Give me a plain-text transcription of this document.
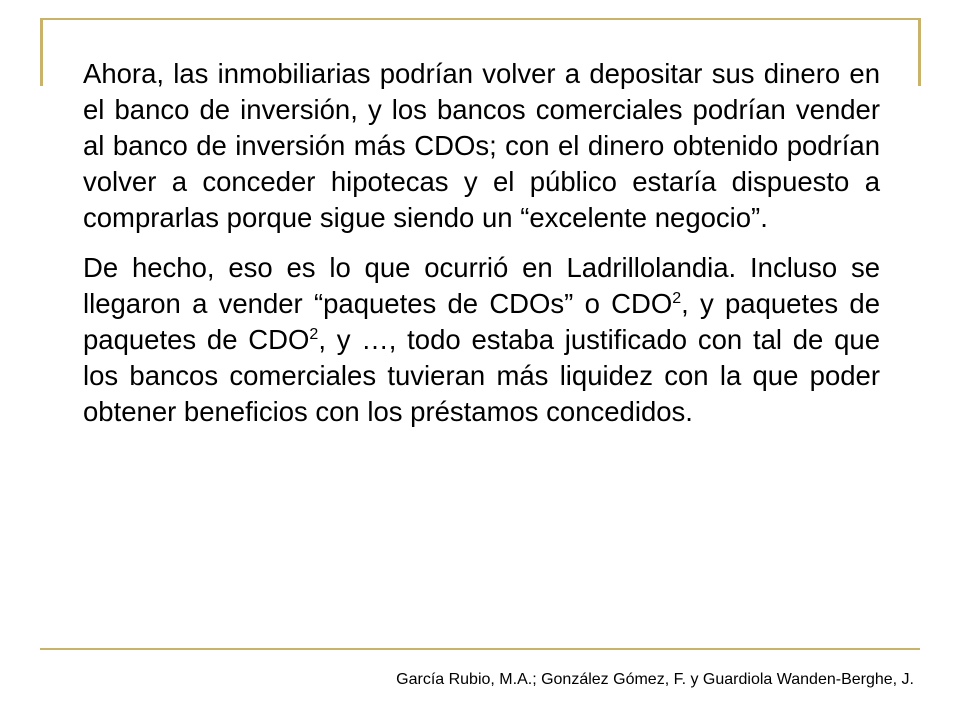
Ahora, las inmobiliarias podrían volver a depositar sus dinero en el banco de inversión, y los bancos comerciales podrían vender al banco de inversión más CDOs; con el dinero obtenido podrían volver a conceder hipotecas y el público estaría dispuesto a comprarlas porque sigue siendo un “excelente negocio”.

De hecho, eso es lo que ocurrió en Ladrillolandia. Incluso se llegaron a vender “paquetes de CDOs” o CDO$^2$, y paquetes de paquetes de CDO$^2$, y …, todo estaba justificado con tal de que los bancos comerciales tuvieran más liquidez con la que poder obtener beneficios con los préstamos concedidos.

García Rubio, M.A.; González Gómez, F. y Guardiola Wanden-Berghe, J.
